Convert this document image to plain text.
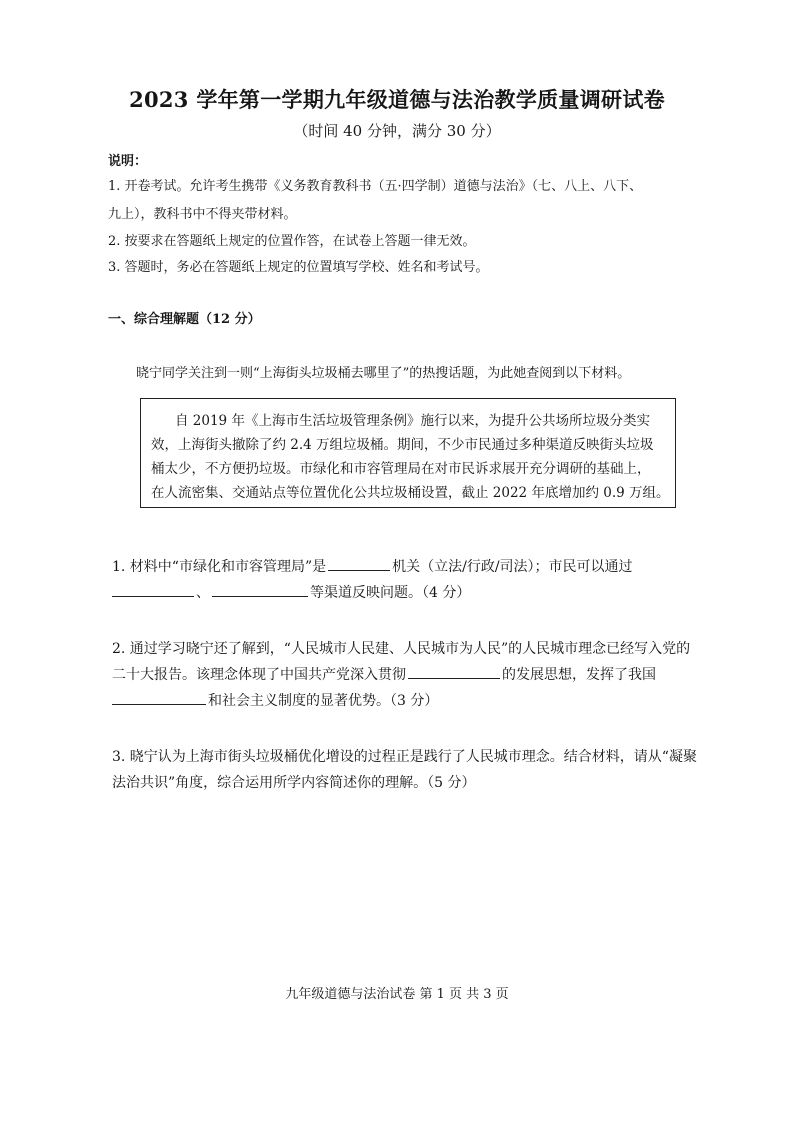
2023 学年第一学期九年级道德与法治教学质量调研试卷
（时间 40 分钟，满分 30 分）
说明：
1. 开卷考试。允许考生携带《义务教育教科书（五·四学制）道德与法治》（七、八上、八下、
九上），教科书中不得夹带材料。
2. 按要求在答题纸上规定的位置作答，在试卷上答题一律无效。
3. 答题时，务必在答题纸上规定的位置填写学校、姓名和考试号。
一、综合理解题（12 分）
晓宁同学关注到一则“上海街头垃圾桶去哪里了”的热搜话题，为此她查阅到以下材料。
自 2019 年《上海市生活垃圾管理条例》施行以来，为提升公共场所垃圾分类实
效，上海街头撤除了约 2.4 万组垃圾桶。期间，不少市民通过多种渠道反映街头垃圾
桶太少，不方便扔垃圾。市绿化和市容管理局在对市民诉求展开充分调研的基础上，
在人流密集、交通站点等位置优化公共垃圾桶设置，截止 2022 年底增加约 0.9 万组。
1. 材料中“市绿化和市容管理局”是	机关（立法/行政/司法）；市民可以通过
、	等渠道反映问题。（4 分）
2. 通过学习晓宁还了解到，“人民城市人民建、人民城市为人民”的人民城市理念已经写入党的
二十大报告。该理念体现了中国共产党深入贯彻	的发展思想，发挥了我国
和社会主义制度的显著优势。（3 分）
3. 晓宁认为上海市街头垃圾桶优化增设的过程正是践行了人民城市理念。结合材料，请从“凝聚
法治共识”角度，综合运用所学内容简述你的理解。（5 分）
九年级道德与法治试卷 第 1 页 共 3 页
